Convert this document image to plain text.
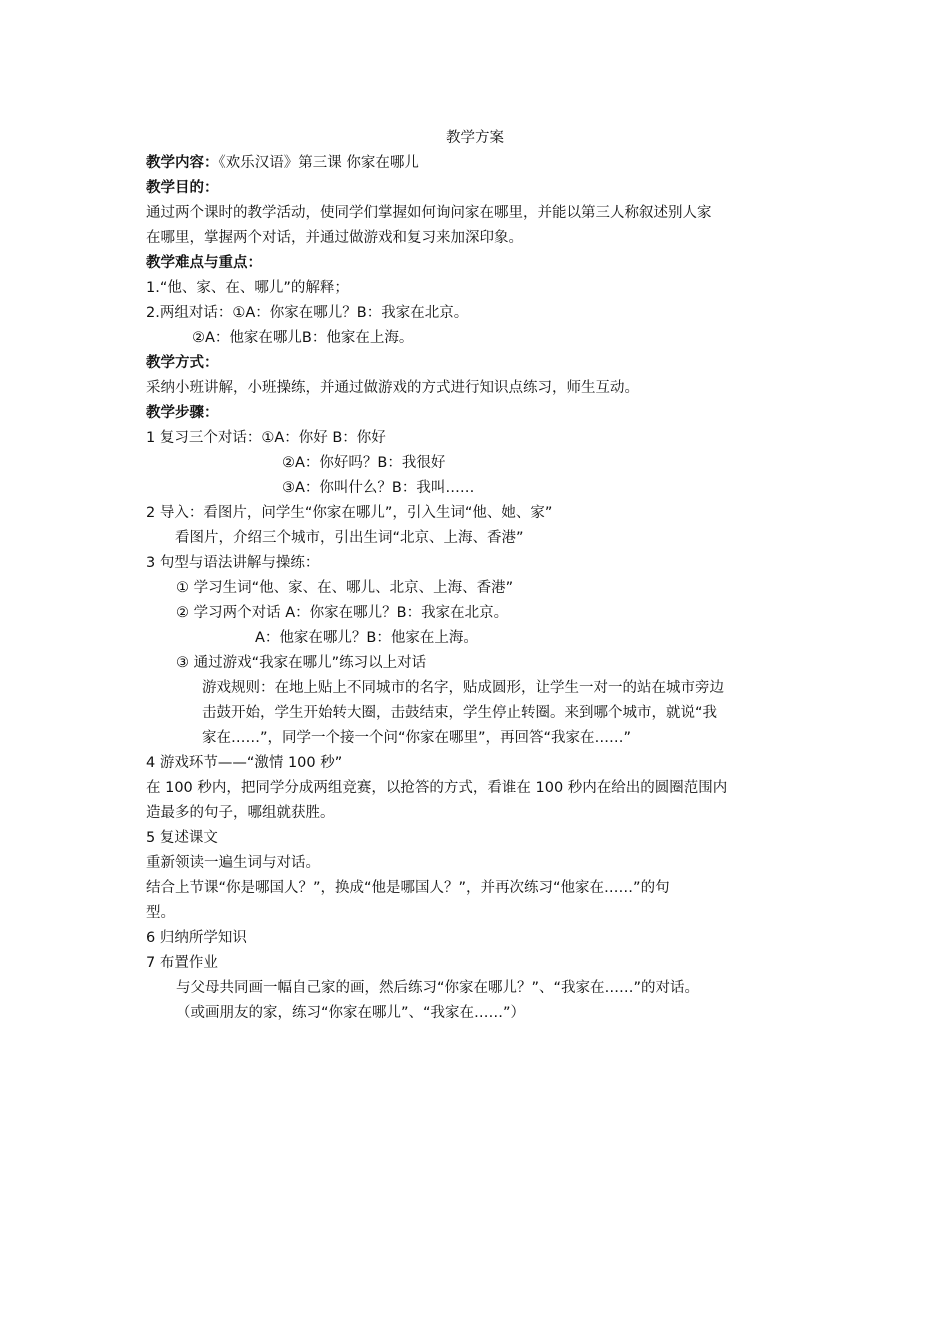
教学方案
教学内容：《欢乐汉语》第三课 你家在哪儿
教学目的：
通过两个课时的教学活动，使同学们掌握如何询问家在哪里，并能以第三人称叙述别人家
在哪里，掌握两个对话，并通过做游戏和复习来加深印象。
教学难点与重点：
1.“他、家、在、哪儿”的解释；
2.两组对话：①A：你家在哪儿？B：我家在北京。
②A：他家在哪儿B：他家在上海。
教学方式：
采纳小班讲解，小班操练，并通过做游戏的方式进行知识点练习，师生互动。
教学步骤：
1 复习三个对话：①A：你好 B：你好
②A：你好吗？B：我很好
③A：你叫什么？B：我叫……
2 导入：看图片，问学生“你家在哪儿”，引入生词“他、她、家”
看图片，介绍三个城市，引出生词“北京、上海、香港”
3 句型与语法讲解与操练：
① 学习生词“他、家、在、哪儿、北京、上海、香港”
② 学习两个对话 A：你家在哪儿？B：我家在北京。
A：他家在哪儿？B：他家在上海。
③ 通过游戏“我家在哪儿”练习以上对话
游戏规则：在地上贴上不同城市的名字，贴成圆形，让学生一对一的站在城市旁边
击鼓开始，学生开始转大圈，击鼓结束，学生停止转圈。来到哪个城市，就说“我
家在……”，同学一个接一个问“你家在哪里”，再回答“我家在……”
4 游戏环节——“激情 100 秒”
在 100 秒内，把同学分成两组竞赛，以抢答的方式，看谁在 100 秒内在给出的圆圈范围内
造最多的句子，哪组就获胜。
5 复述课文
重新领读一遍生词与对话。
结合上节课“你是哪国人？”，换成“他是哪国人？”，并再次练习“他家在……”的句
型。
6 归纳所学知识
7 布置作业
与父母共同画一幅自己家的画，然后练习“你家在哪儿？”、“我家在……”的对话。
（或画朋友的家，练习“你家在哪儿”、“我家在……”）
